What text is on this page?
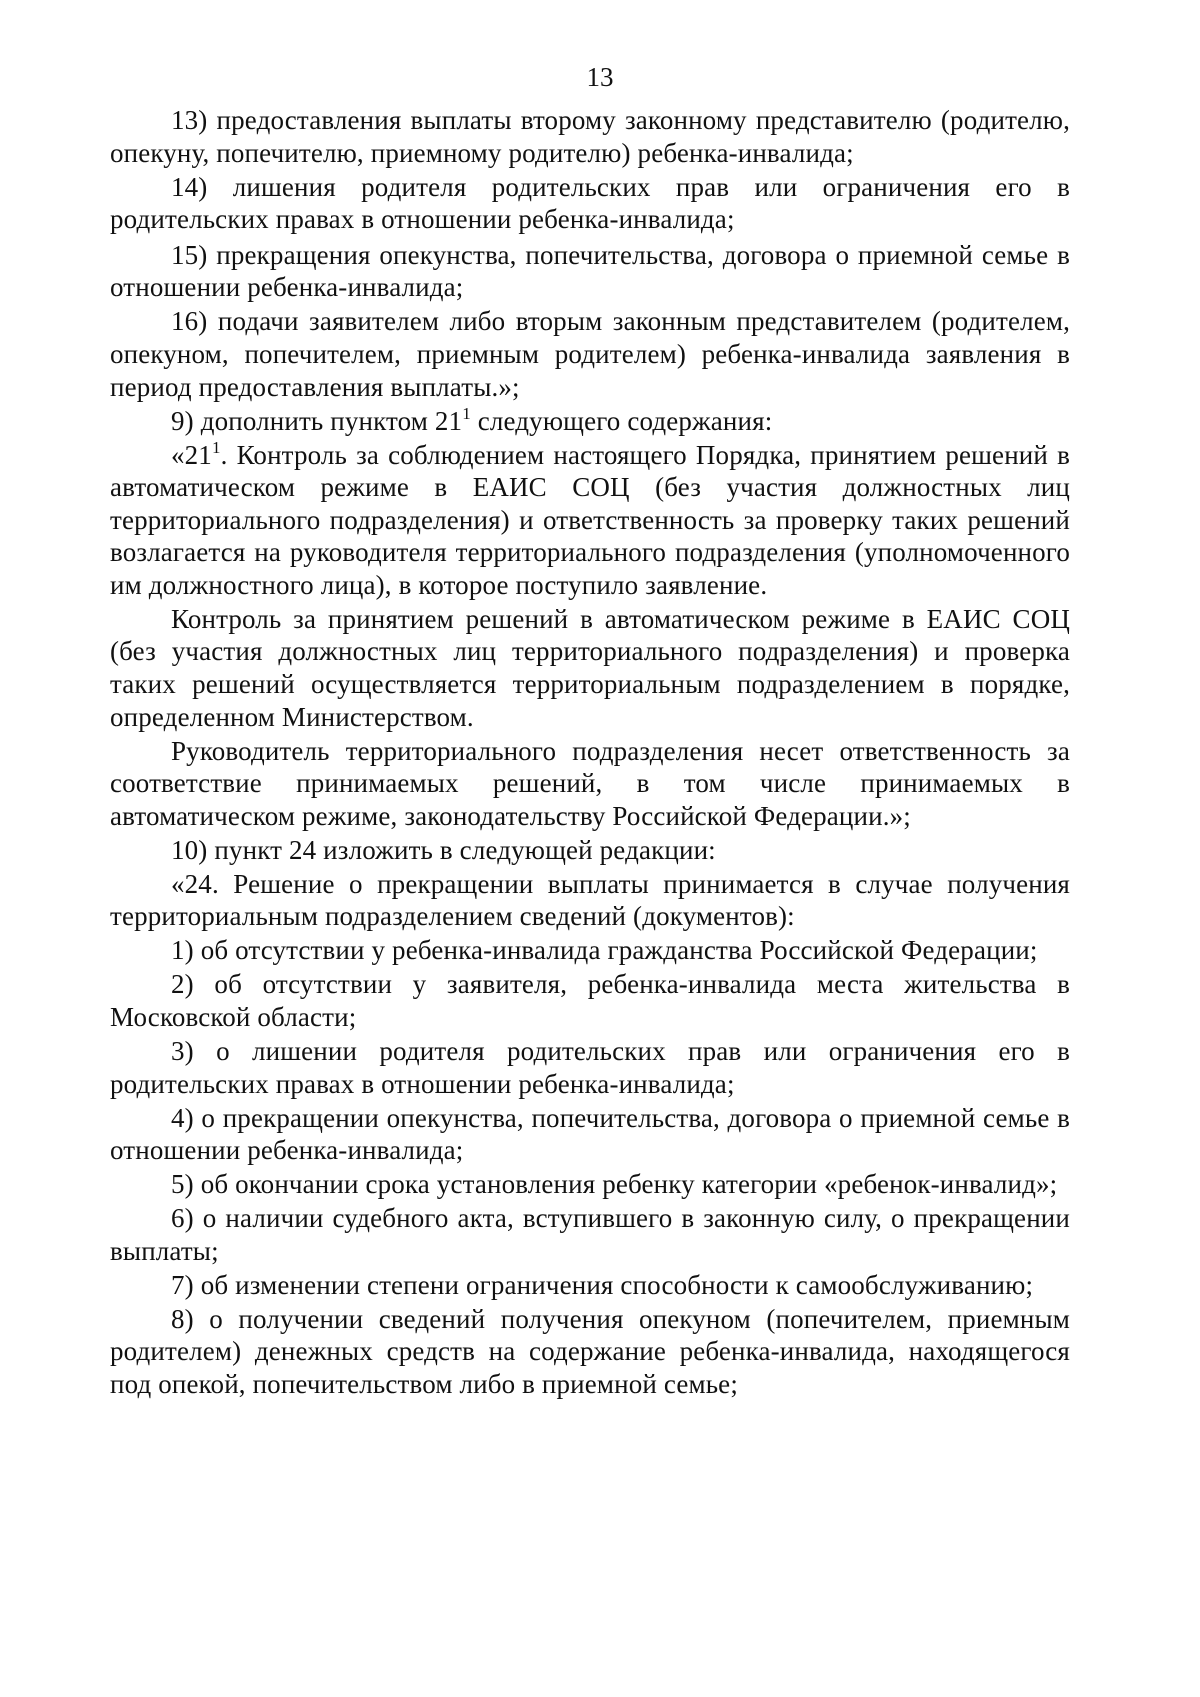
13

13) предоставления выплаты второму законному представителю (родителю, опекуну, попечителю, приемному родителю) ребенка-инвалида;

14) лишения родителя родительских прав или ограничения его в родительских правах в отношении ребенка-инвалида;

15) прекращения опекунства, попечительства, договора о приемной семье в отношении ребенка-инвалида;

16) подачи заявителем либо вторым законным представителем (родителем, опекуном, попечителем, приемным родителем) ребенка-инвалида заявления в период предоставления выплаты.»;

9) дополнить пунктом $21^1$ следующего содержания:

«$21^1$. Контроль за соблюдением настоящего Порядка, принятием решений в автоматическом режиме в ЕАИС СОЦ (без участия должностных лиц территориального подразделения) и ответственность за проверку таких решений возлагается на руководителя территориального подразделения (уполномоченного им должностного лица), в которое поступило заявление.

Контроль за принятием решений в автоматическом режиме в ЕАИС СОЦ (без участия должностных лиц территориального подразделения) и проверка таких решений осуществляется территориальным подразделением в порядке, определенном Министерством.

Руководитель территориального подразделения несет ответственность за соответствие принимаемых решений, в том числе принимаемых в автоматическом режиме, законодательству Российской Федерации.»;

10) пункт 24 изложить в следующей редакции:

«24. Решение о прекращении выплаты принимается в случае получения территориальным подразделением сведений (документов):

1) об отсутствии у ребенка-инвалида гражданства Российской Федерации;

2) об отсутствии у заявителя, ребенка-инвалида места жительства в Московской области;

3) о лишении родителя родительских прав или ограничения его в родительских правах в отношении ребенка-инвалида;

4) о прекращении опекунства, попечительства, договора о приемной семье в отношении ребенка-инвалида;

5) об окончании срока установления ребенку категории «ребенок-инвалид»;

6) о наличии судебного акта, вступившего в законную силу, о прекращении выплаты;

7) об изменении степени ограничения способности к самообслуживанию;

8) о получении сведений получения опекуном (попечителем, приемным родителем) денежных средств на содержание ребенка-инвалида, находящегося под опекой, попечительством либо в приемной семье;
